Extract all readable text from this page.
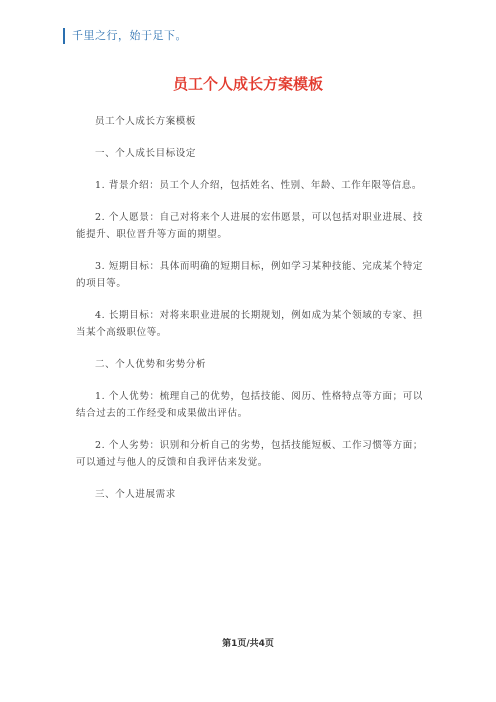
千里之行，始于足下。
员工个人成长方案模板

员工个人成长方案模板

一、个人成长目标设定

1. 背景介绍：员工个人介绍，包括姓名、性别、年龄、工作年限等信息。

2. 个人愿景：自己对将来个人进展的宏伟愿景，可以包括对职业进展、技能提升、职位晋升等方面的期望。

3. 短期目标：具体而明确的短期目标，例如学习某种技能、完成某个特定的项目等。

4. 长期目标：对将来职业进展的长期规划，例如成为某个领域的专家、担当某个高级职位等。

二、个人优势和劣势分析

1. 个人优势：梳理自己的优势，包括技能、阅历、性格特点等方面；可以结合过去的工作经受和成果做出评估。

2. 个人劣势：识别和分析自己的劣势，包括技能短板、工作习惯等方面；可以通过与他人的反馈和自我评估来发觉。

三、个人进展需求

第1页/共4页
